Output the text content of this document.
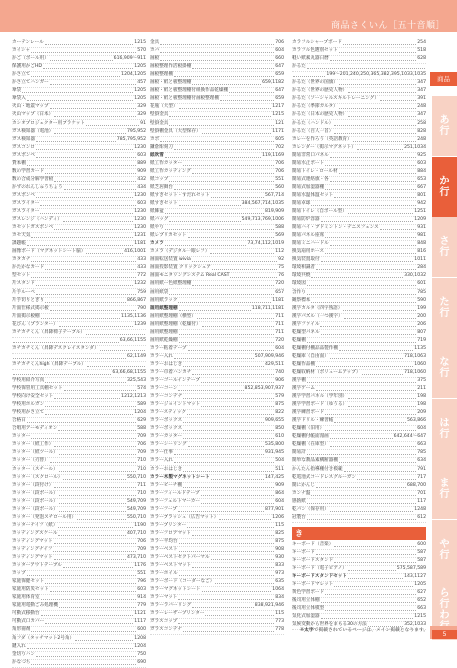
商品さくいん［五十音順］
商品
カーテンレール	1215
カイシャ	570
かご（ボール用）	616,909〜911
保護用かごHD	1205
かさ立て	1204,1205
かさ立てハンガー	457
傘袋	1205
傘袋入	1205
火山・地震マップ	329
火山マップ（日本）	329
カシオプロジェクター用ブラケット	91
ガス検知器（電池）	795,952
ガス検知器	785,795,952
ガスコンロ	1230
ガスボンベ	603
貸本棚	889
数の学習カード	909
数の合成分解学習板	432
かずのれんしゅうちょう	434
ガスボンベ	1230
ガスライター	603
ガスライター	1230
ガスレンジ（ハンディ）	1230
カセットガスボンベ	1230
カセ天気	1231
課題帳	1181
画像ボード（マグネットシート脇）	416,1001
カタカナ	433
かたかなカード	433
型セット	772
片スタンド	1232
片手ルーペ	759
片手切りとぎり	866,867
片面仕様式掲示板	790
片面掲示板棚	1135,1136
花びん（プランター）	1239
カチカチくん（昇降椅子テーブル）
63,66,1155
カチカチくん（昇降デスクレイスタンダ）
62,1149
カチカチくんhigh（昇降テーブル）
63,66,68,1155
学校用紹介写真	325,543
学校保管用工具棚セット	574
学校向け安全セット	1212,1213
学校用ホルガン	589
学校用かさ立て	1204
合格日	629
合唱用アーモディオン	588
カッター	709
カッター（紙工作）	706
カッター（紙ツール）	709
カッター（刃替）	710
カッター（スチール）	710
カッター（スクロール）	550,710
カッター（段付け）	711
カッター（段ボール）	710
カッター（段ボール）	549,709
カッター（段ボール）	549,709
カッター（発泡スチロール用）	550,710
カッターナイフ（紙）	1190
カッティングスケール	407,710
カッティングマット	706
カッティングナイフ	709
カッティングマット	473,710
カッターアウトテーブル	1176
カップ	551
家庭保健セット	796
家庭用防災セット	603
家庭用体育室	914
家庭用電動ごみ処理機	779
可動式移動台	1121
可動式口カバー	1117
角形冊剤	600
角フダ（タッチマット2号角）	1208
鍵入れ	1204
金切りハン	750
かなづち	690
金具	706
カバ	604
画板	660
画板整理作活板掛棚	647
画板整理棚	659
画板・紙と板整理棚	659,1182
画板・紙と板整理棚付組換作品乾燥棚	647
画板・紙と板整理棚付画板整理棚	659
花瓶（大型）	1217
壁掛金具	1215
壁掛金具	121
壁掛棚金具（大型保存）	1171
カボ	605
鎌倉彫刻刀	702
紙吹雪	119,1169
紙工作カッター	706
紙工作カッティング	706
紙コップ	551
紙芝居舞台	560
紙すきセット・すだれセット	567,714
紙すきセット	384,567,714,1035
紙飾盆	819,909
紙バッグ	549,713,769,1006
紙やり	588
紙レプリカセット	569
カメラ	73,74,112,1019
カメラ（デジタル一眼レフ）	112
画面転送装置 wivia	92
画面投影装置 クリックシェア	75
画面モニタリングシステム Real CAST	76
画用紙ー色紙整理棚	720
画用紙袋	657
画用紙ラック	1181
画用紙整理棚	118,711,1181
画用紙整理棚（横型）	711
画用紙整理棚（乾燥付）	711
画用紙整理棚	711
画用紙乾燥棚	720
カラー粘着テープ	604
カラー入れ	507,909,946
カラーおはじき	429,511
カラー巾着ハンカチ	740
カラーゴールインテープ	906
カラーコーン	852,853,907,937
カラーコンテナ	579
カラージョイントマット	875
カラースティック	822
カラーボックス	909,655
カラーボックス	850
カラーカッター	610
カラーシーリング	535,800
カラー仕事	931,945
カラー入れ	504
カラーおはじき	511
カラー木製マグネットシート	147,425
カラービーチ棚	909
カラーフィールドテープ	864
カラーフェルトマーカー	604
カラーフープ	877,901
カラーブラッシュ（広告マット）	1206
カラープリンター	115
カラーフロアマット	825
カラー平均台	875
カラーベスト	908
カラーベストセクトパーマル	930
カラーベストマット	833
カラーホイル	973
カラーボード（コーダーなご）	635
カラーマグネットシート	1064
カラーマット	834
カラーラバーリング	838,921,946
カラーレーザープリンター	115
ガラスコップ	773
ガラスコンテナ	778
カラフルシャープボード	254
カラフル色選別セット	518
軽い紙素丸器日暦	628
かるた
199〜201,240,250,365,382,395,1033,1035
かるた（世界の国旗）	347
かるた（世界の歴史人物）	347
かるた（ソーシャルスキルトレーニング）	391
かるた（季節カルタ）	248
かるた（日本の歴史人物）	347
かるた（ハンドル）	258
かるた（百人一首）	828
カレーを作ろう（英語教育）	248
カレンダー（掲示マグネット）	251,1034
簡易非常口パネル	925
簡易水止ポート	603
簡易トイレ・ロール材	884
簡易式連絡旗・各	653
簡易式加湿器棚	667
簡易水温体温セット	801
簡易卓球	942
簡易トイレ（自ボール型）	1251
簡易防炉容器	1209
簡易ハイ・ブドミントン・テニスフェンス	931
簡易パネル座席	981
簡易ミニハードル	848
換気扇用ホース	816
換気装置取付	1011
環境相識者	284
環境共焼	330,1032
環境図	601
含作り	785
観察標本	590
漢字カルタ（四字熟語）	199
漢字パズル（一つ漢字）	200
漢字ファイル	206
乾燥型パネル	807
乾燥棚	719
乾燥棚付棚品品製作棚	1135
乾燥庫（自由面）	718,1063
乾燥作品棚	1060
乾燥収納材（ボリュームアップ）	718,1060
漢字棚	375
漢字ゲーム	211
漢字学習パネル（学年別）	198
漢字学習ボード（ゆうる）	198
漢字練習ボード	209
漢字ドリル・練習帳	563,866
乾燥棚（旧用）	604
乾燥棚付帳面漫画	642,644〜647
乾燥棚（在庫型）	663
簡易計	785
簡単な教品素構断器棚	634
かんたん指導棚付き模範	791
乾電池式コードレスグルーガン	717
簡にかんじ	688,700
カンナ盤	701
感熱紙	117
乾パン（保存用）	1248
冠製台	612
き
キーボード（音楽）	600
キーボード	587
キーボードスタンド	587
キーボード（電子ピアノ）	575,587,589
キーボードスタンドセット	143,1127
キーボードマレット	1205
黄色学習ボード	627
後司用立体棚	652
後司用立体模型	663
気化式加湿器	1215
気候変動から世界をまもる30の方法	352,1033
あ
行
か
行
さ
行
た
行
な
行
は
行
ま
行
や
行
ら
行
わ
※太字で掲載されているページは、メイン掲載となります。
5
